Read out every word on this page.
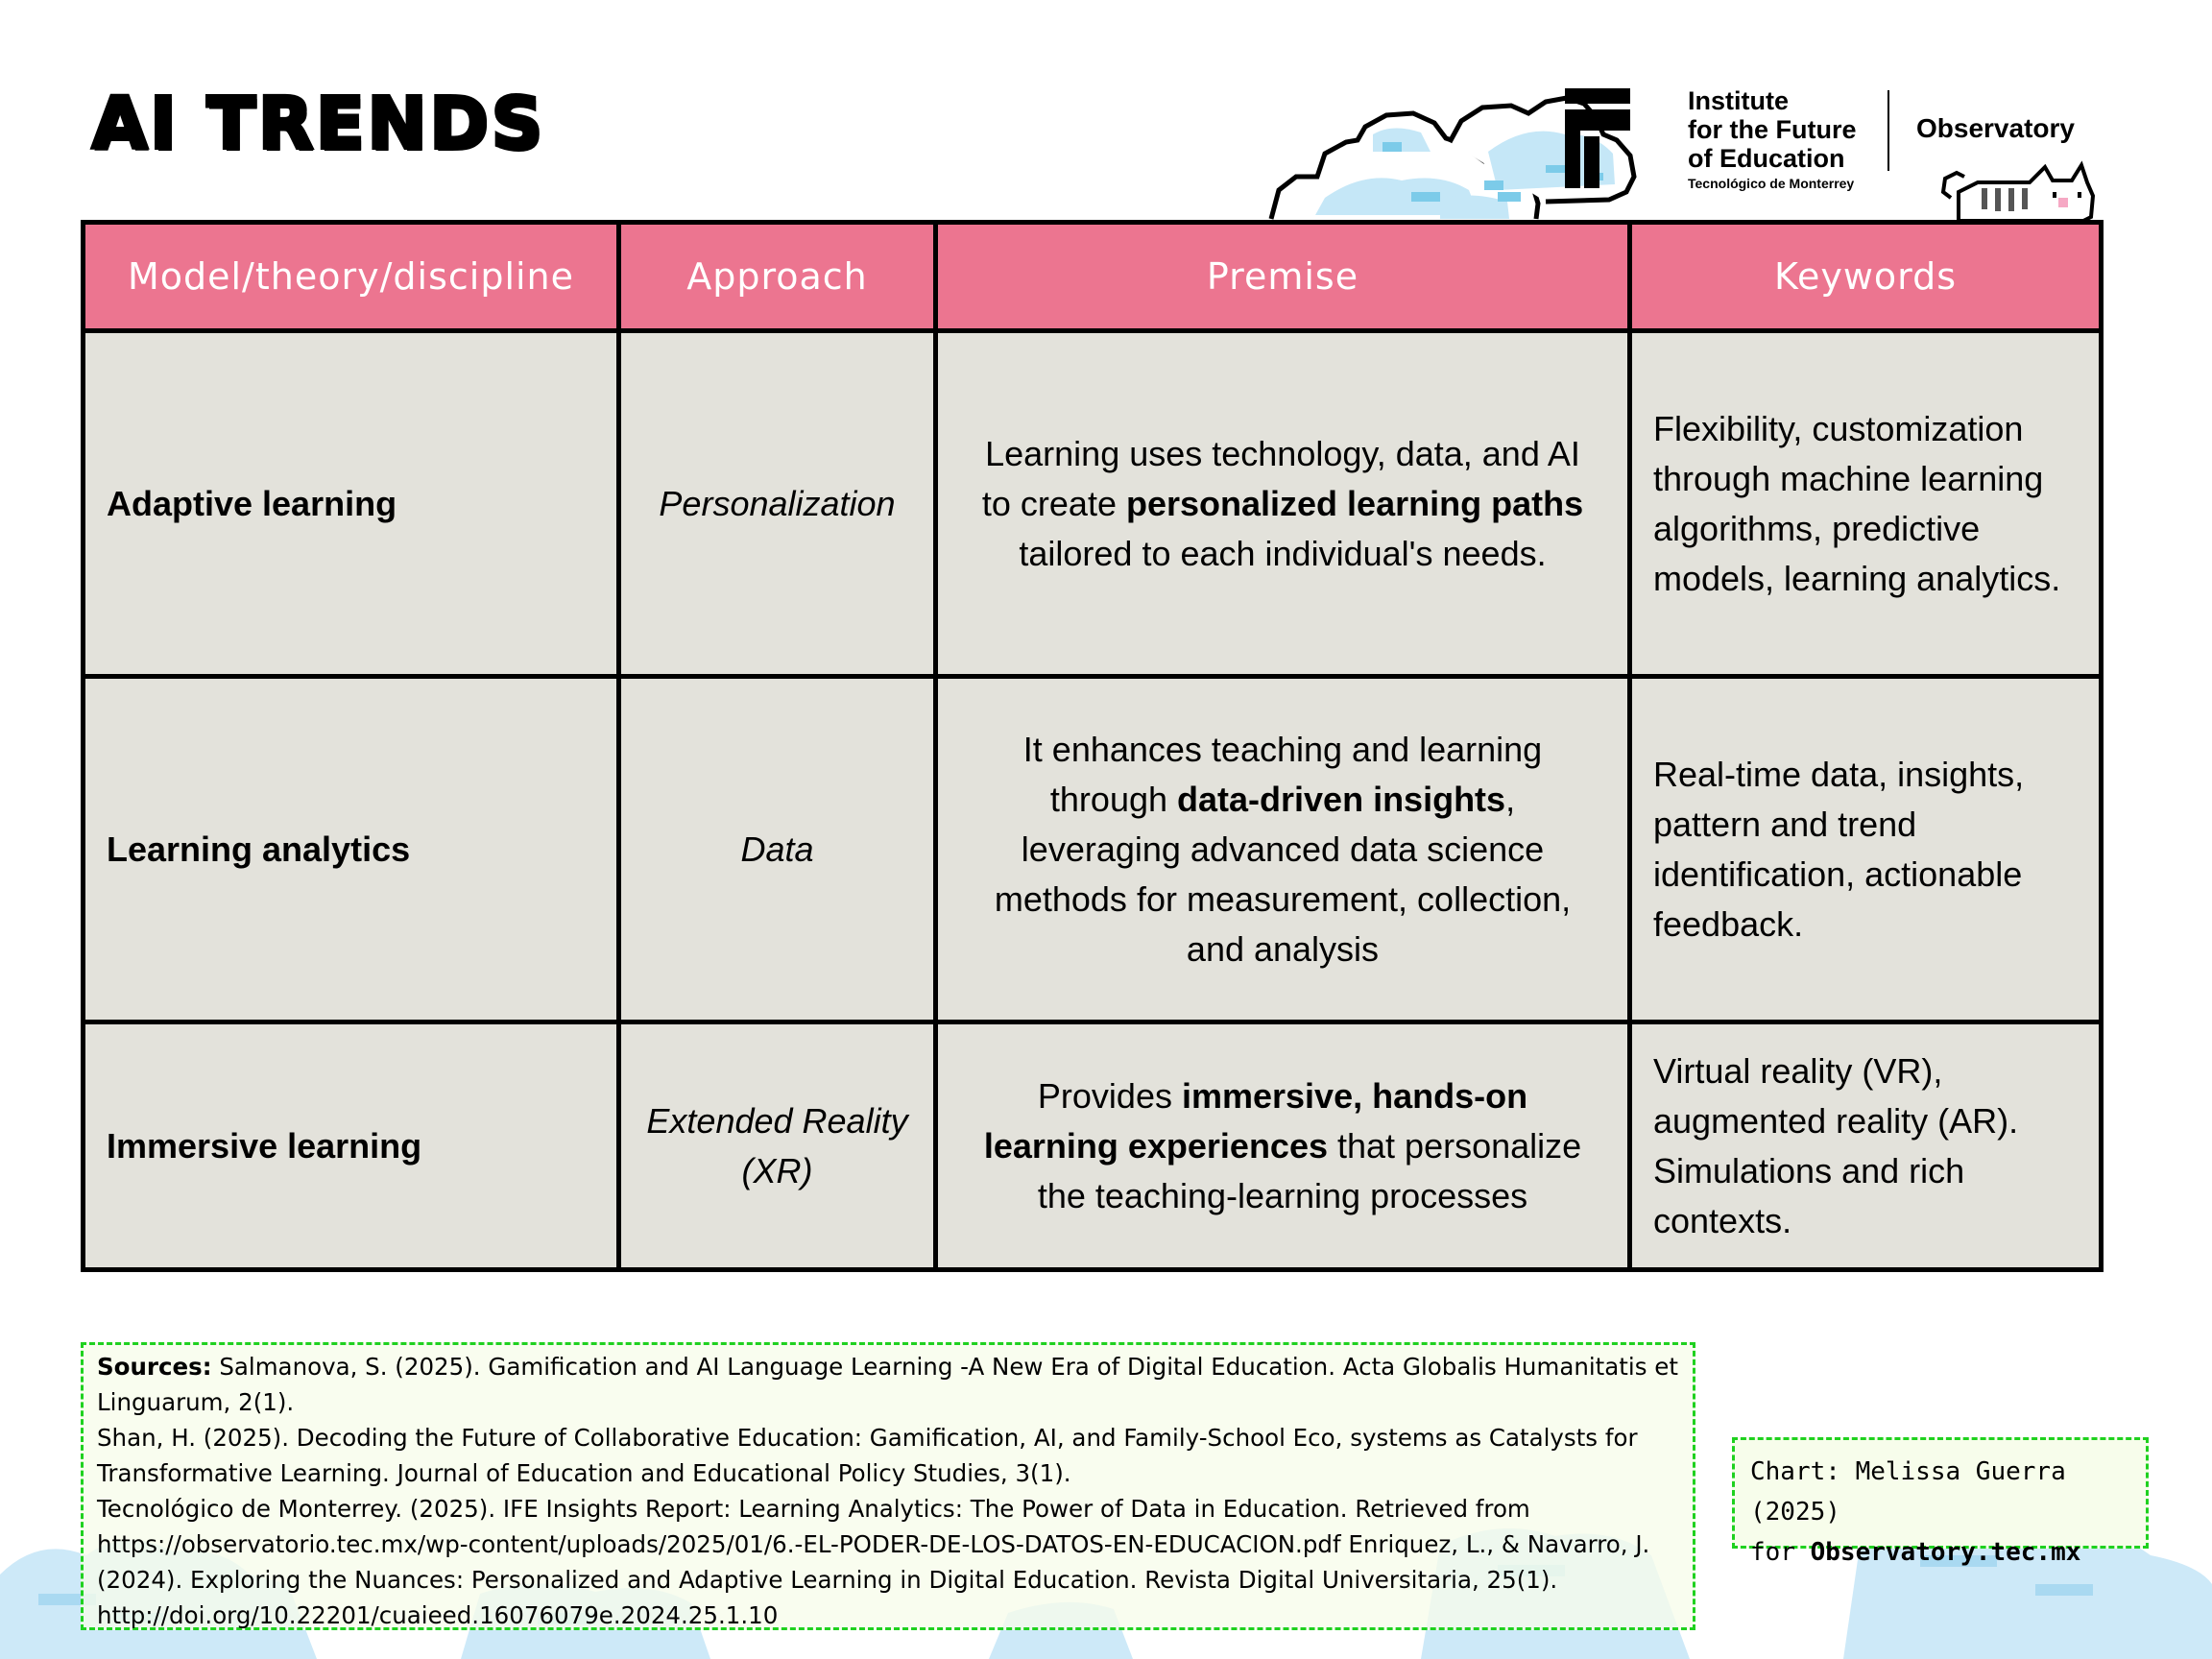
AI TRENDS	Institute
for the Future
of Education
Tecnológico de Monterrey
Observatory
Model/theory/discipline	Approach	Premise	Keywords
Adaptive learning	Personalization	Learning uses technology, data, and AI to create personalized learning paths tailored to each individual's needs.	Flexibility, customization through machine learning algorithms, predictive models, learning analytics.
Learning analytics	Data	It enhances teaching and learning through data-driven insights, leveraging advanced data science methods for measurement, collection, and analysis	Real-time data, insights, pattern and trend identification, actionable feedback.
Immersive learning	Extended Reality (XR)	Provides immersive, hands-on learning experiences that personalize the teaching-learning processes	Virtual reality (VR), augmented reality (AR). Simulations and rich contexts.

Sources: Salmanova, S. (2025). Gamification and AI Language Learning -A New Era of Digital Education. Acta Globalis Humanitatis et Linguarum, 2(1).

Shan, H. (2025). Decoding the Future of Collaborative Education: Gamification, AI, and Family-School Eco, systems as Catalysts for Transformative Learning. Journal of Education and Educational Policy Studies, 3(1).

Tecnológico de Monterrey. (2025). IFE Insights Report: Learning Analytics: The Power of Data in Education. Retrieved from https://observatorio.tec.mx/wp-content/uploads/2025/01/6.-EL-PODER-DE-LOS-DATOS-EN-EDUCACION.pdf Enriquez, L., & Navarro, J. (2024). Exploring the Nuances: Personalized and Adaptive Learning in Digital Education. Revista Digital Universitaria, 25(1). http://doi.org/10.22201/cuaieed.16076079e.2024.25.1.10

Chart: Melissa Guerra (2025)
for Observatory.tec.mx
